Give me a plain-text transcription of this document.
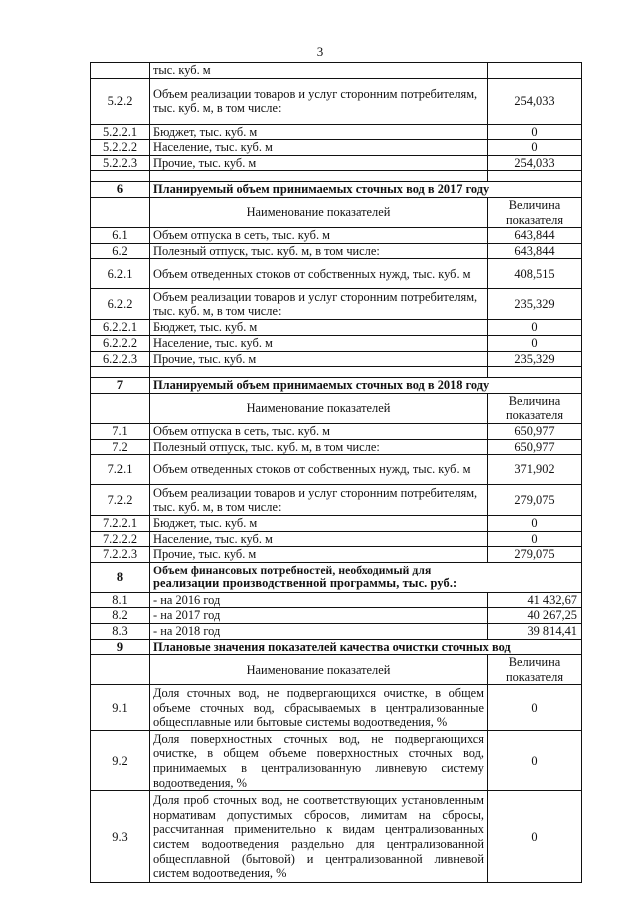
3
	тыс. куб. м	
5.2.2	Объем реализации товаров и услуг сторонним потребителям, тыс. куб. м, в том числе:	254,033
5.2.2.1	Бюджет, тыс. куб. м	0
5.2.2.2	Население, тыс. куб. м	0
5.2.2.3	Прочие, тыс. куб. м	254,033

6	Планируемый объем принимаемых сточных вод в 2017 году	
	Наименование показателей	Величина показателя
6.1	Объем отпуска в сеть, тыс. куб. м	643,844
6.2	Полезный отпуск, тыс. куб. м, в том числе:	643,844
6.2.1	Объем отведенных стоков от собственных нужд, тыс. куб. м	408,515
6.2.2	Объем реализации товаров и услуг сторонним потребителям, тыс. куб. м, в том числе:	235,329
6.2.2.1	Бюджет, тыс. куб. м	0
6.2.2.2	Население, тыс. куб. м	0
6.2.2.3	Прочие, тыс. куб. м	235,329

7	Планируемый объем принимаемых сточных вод в 2018 году	
	Наименование показателей	Величина показателя
7.1	Объем отпуска в сеть, тыс. куб. м	650,977
7.2	Полезный отпуск, тыс. куб. м, в том числе:	650,977
7.2.1	Объем отведенных стоков от собственных нужд, тыс. куб. м	371,902
7.2.2	Объем реализации товаров и услуг сторонним потребителям, тыс. куб. м, в том числе:	279,075
7.2.2.1	Бюджет, тыс. куб. м	0
7.2.2.2	Население, тыс. куб. м	0
7.2.2.3	Прочие, тыс. куб. м	279,075
8	Объем финансовых потребностей, необходимый для
реализации производственной программы, тыс. руб.:	
8.1	- на 2016 год	41 432,67
8.2	- на 2017 год	40 267,25
8.3	- на 2018 год	39 814,41
9	Плановые значения показателей качества очистки сточных вод	
	Наименование показателей	Величина показателя
9.1	Доля сточных вод, не подвергающихся очистке, в общем объеме сточных вод, сбрасываемых в централизованные общесплавные или бытовые системы водоотведения, %	0
9.2	Доля поверхностных сточных вод, не подвергающихся очистке, в общем объеме поверхностных сточных вод, принимаемых в централизованную ливневую систему водоотведения, %	0
9.3	Доля проб сточных вод, не соответствующих установленным нормативам допустимых сбросов, лимитам на сбросы, рассчитанная применительно к видам централизованных систем водоотведения раздельно для централизованной общесплавной (бытовой) и централизованной ливневой систем водоотведения, %	0
